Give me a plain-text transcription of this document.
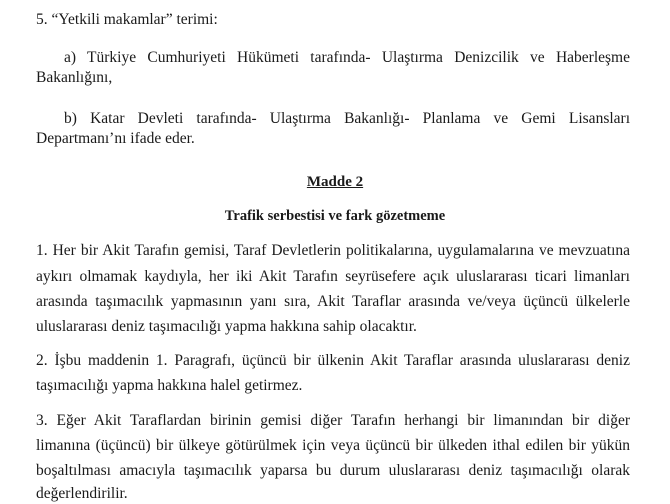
5. “Yetkili makamlar” terimi:
a) Türkiye Cumhuriyeti Hükümeti tarafında- Ulaştırma Denizcilik ve Haberleşme
Bakanlığını,
b) Katar Devleti tarafında- Ulaştırma Bakanlığı- Planlama ve Gemi Lisansları
Departmanı’nı ifade eder.
Madde 2
Trafik serbestisi ve fark gözetmeme
1. Her bir Akit Tarafın gemisi, Taraf Devletlerin politikalarına, uygulamalarına ve mevzuatına
aykırı olmamak kaydıyla, her iki Akit Tarafın seyrüsefere açık uluslararası ticari limanları
arasında taşımacılık yapmasının yanı sıra, Akit Taraflar arasında ve/veya üçüncü ülkelerle
uluslararası deniz taşımacılığı yapma hakkına sahip olacaktır.
2. İşbu maddenin 1. Paragrafı, üçüncü bir ülkenin Akit Taraflar arasında uluslararası deniz
taşımacılığı yapma hakkına halel getirmez.
3. Eğer Akit Taraflardan birinin gemisi diğer Tarafın herhangi bir limanından bir diğer
limanına (üçüncü) bir ülkeye götürülmek için veya üçüncü bir ülkeden ithal edilen bir yükün
boşaltılması amacıyla taşımacılık yaparsa bu durum uluslararası deniz taşımacılığı olarak
değerlendirilir.
